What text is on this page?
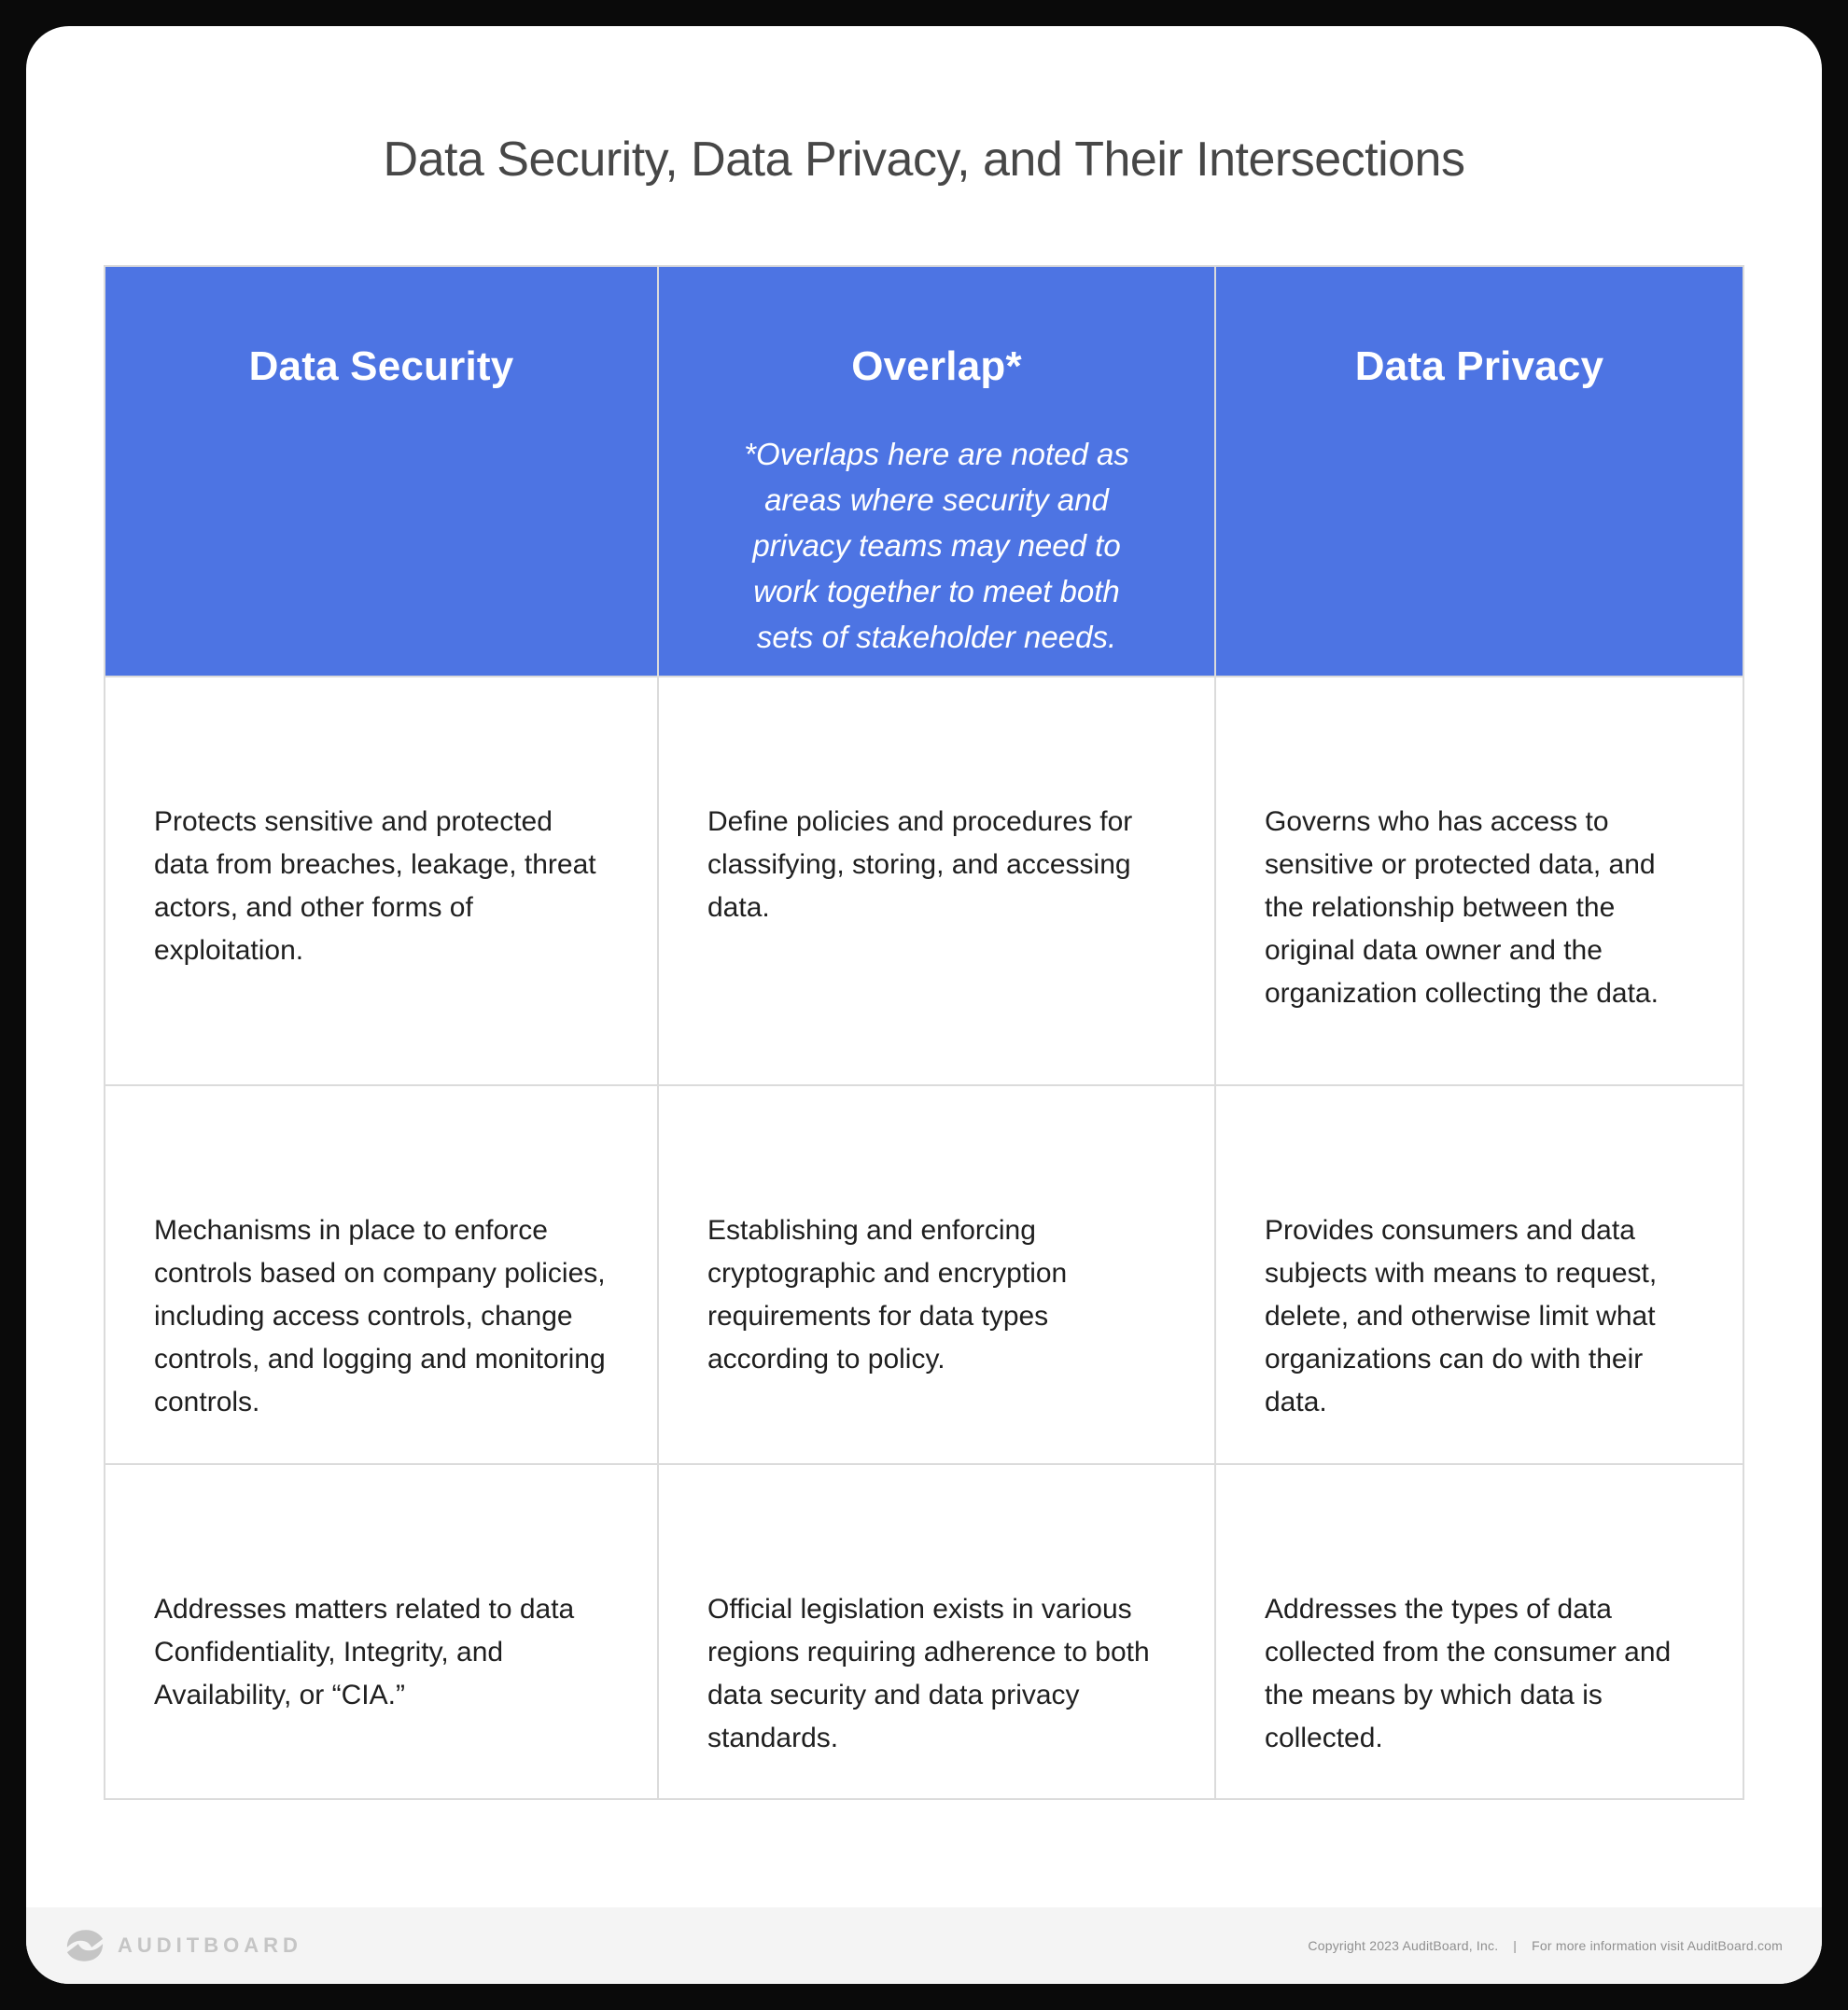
Data Security, Data Privacy, and Their Intersections
Data Security	Overlap*
*Overlaps here are noted as areas where security and privacy teams may need to work together to meet both sets of stakeholder needs.
Data Privacy
Protects sensitive and protected data from breaches, leakage, threat actors, and other forms of exploitation.
Define policies and procedures for classifying, storing, and accessing data.
Governs who has access to sensitive or protected data, and the relationship between the original data owner and the organization collecting the data.
Mechanisms in place to enforce controls based on company policies, including access controls, change controls, and logging and monitoring controls.
Establishing and enforcing cryptographic and encryption requirements for data types according to policy.
Provides consumers and data subjects with means to request, delete, and otherwise limit what organizations can do with their data.
Addresses matters related to data Confidentiality, Integrity, and Availability, or “CIA.”
Official legislation exists in various regions requiring adherence to both data security and data privacy standards.
Addresses the types of data collected from the consumer and the means by which data is collected.
AUDITBOARD	Copyright 2023 AuditBoard, Inc. | For more information visit AuditBoard.com
